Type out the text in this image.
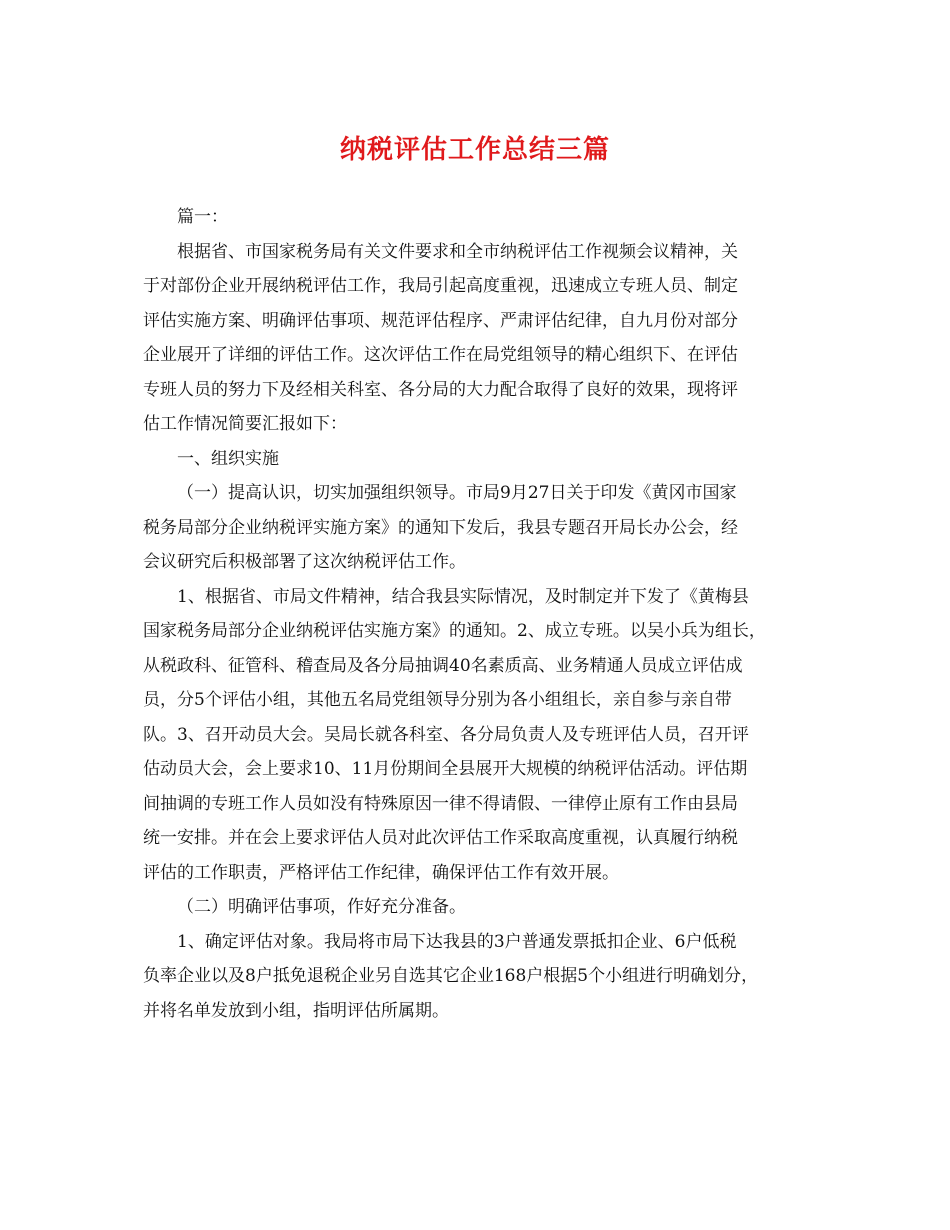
纳税评估工作总结三篇
篇一：
根据省、市国家税务局有关文件要求和全市纳税评估工作视频会议精神，关
于对部份企业开展纳税评估工作，我局引起高度重视，迅速成立专班人员、制定
评估实施方案、明确评估事项、规范评估程序、严肃评估纪律，自九月份对部分
企业展开了详细的评估工作。这次评估工作在局党组领导的精心组织下、在评估
专班人员的努力下及经相关科室、各分局的大力配合取得了良好的效果，现将评
估工作情况简要汇报如下：
一、组织实施
（一）提高认识，切实加强组织领导。市局9月27日关于印发《黄冈市国家
税务局部分企业纳税评实施方案》的通知下发后，我县专题召开局长办公会，经
会议研究后积极部署了这次纳税评估工作。
1、根据省、市局文件精神，结合我县实际情况，及时制定并下发了《黄梅县
国家税务局部分企业纳税评估实施方案》的通知。2、成立专班。以吴小兵为组长，
从税政科、征管科、稽查局及各分局抽调40名素质高、业务精通人员成立评估成
员，分5个评估小组，其他五名局党组领导分别为各小组组长，亲自参与亲自带
队。3、召开动员大会。吴局长就各科室、各分局负责人及专班评估人员，召开评
估动员大会，会上要求10、11月份期间全县展开大规模的纳税评估活动。评估期
间抽调的专班工作人员如没有特殊原因一律不得请假、一律停止原有工作由县局
统一安排。并在会上要求评估人员对此次评估工作采取高度重视，认真履行纳税
评估的工作职责，严格评估工作纪律，确保评估工作有效开展。
（二）明确评估事项，作好充分准备。
1、确定评估对象。我局将市局下达我县的3户普通发票抵扣企业、6户低税
负率企业以及8户抵免退税企业另自选其它企业168户根据5个小组进行明确划分，
并将名单发放到小组，指明评估所属期。
